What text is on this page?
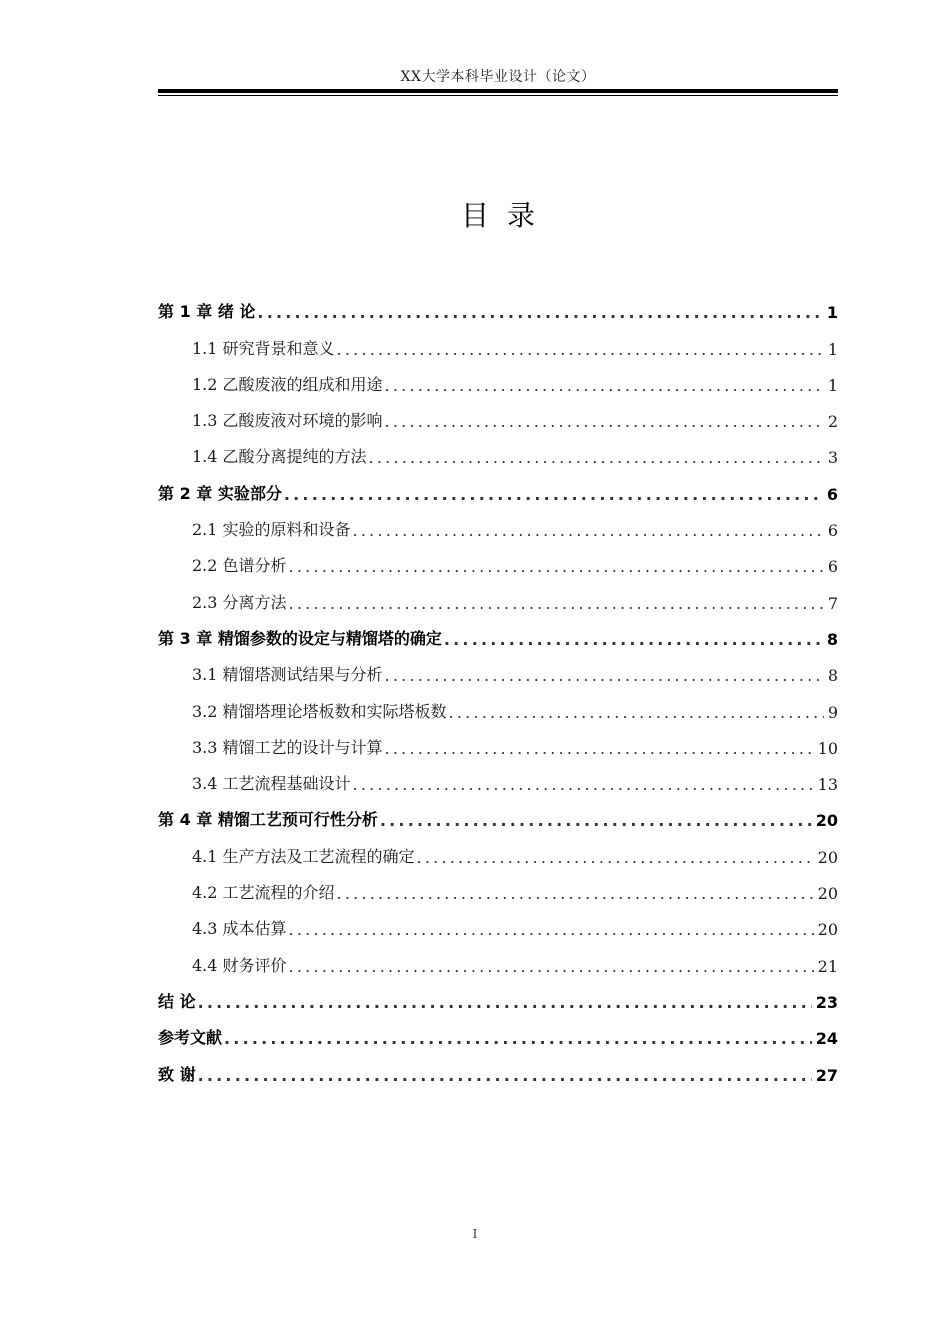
XX大学本科毕业设计（论文）
目录
第 1 章 绪 论 .....	1
1.1 研究背景和意义 .....	1
1.2 乙酸废液的组成和用途 .....	1
1.3 乙酸废液对环境的影响 .....	2
1.4 乙酸分离提纯的方法 .....	3
第 2 章 实验部分 .....	6
2.1 实验的原料和设备 .....	6
2.2 色谱分析 .....	6
2.3 分离方法 .....	7
第 3 章 精馏参数的设定与精馏塔的确定 .....	8
3.1 精馏塔测试结果与分析 .....	8
3.2 精馏塔理论塔板数和实际塔板数 .....	9
3.3 精馏工艺的设计与计算 .....	10
3.4 工艺流程基础设计 .....	13
第 4 章 精馏工艺预可行性分析 .....	20
4.1 生产方法及工艺流程的确定 .....	20
4.2 工艺流程的介绍 .....	20
4.3 成本估算 .....	20
4.4 财务评价 .....	21
结 论 .....	23
参考文献 .....	24
致 谢 .....	27
I
